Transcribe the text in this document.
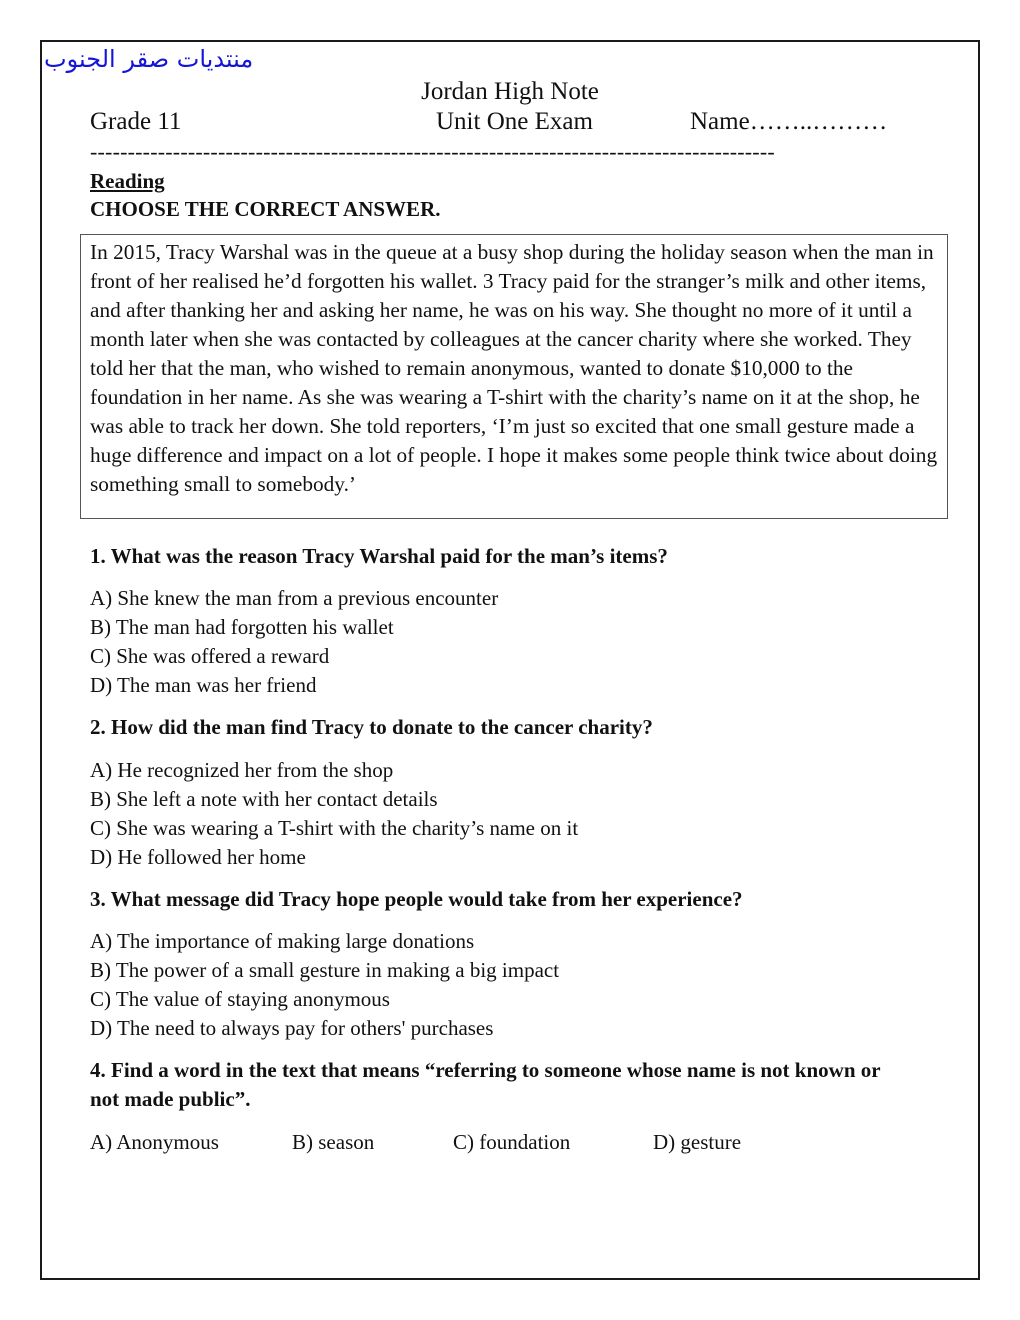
منتديات صقر الجنوب
Jordan High Note
Grade 11	Unit One Exam	Name……..………
-------------------------------------------------------------------------------------------
Reading
CHOOSE THE CORRECT ANSWER.

In 2015, Tracy Warshal was in the queue at a busy shop during the holiday season when the man in front of her realised he’d forgotten his wallet. 3 Tracy paid for the stranger’s milk and other items, and after thanking her and asking her name, he was on his way. She thought no more of it until a month later when she was contacted by colleagues at the cancer charity where she worked. They told her that the man, who wished to remain anonymous, wanted to donate $10,000 to the foundation in her name. As she was wearing a T-shirt with the charity’s name on it at the shop, he was able to track her down. She told reporters, ‘I’m just so excited that one small gesture made a huge difference and impact on a lot of people. I hope it makes some people think twice about doing something small to somebody.’

1. What was the reason Tracy Warshal paid for the man’s items?
A) She knew the man from a previous encounter
B) The man had forgotten his wallet
C) She was offered a reward
D) The man was her friend
2. How did the man find Tracy to donate to the cancer charity?
A) He recognized her from the shop
B) She left a note with her contact details
C) She was wearing a T-shirt with the charity’s name on it
D) He followed her home
3. What message did Tracy hope people would take from her experience?
A) The importance of making large donations
B) The power of a small gesture in making a big impact
C) The value of staying anonymous
D) The need to always pay for others' purchases
4. Find a word in the text that means “referring to someone whose name is not known or not made public”.
A) Anonymous	B) season	C) foundation	D) gesture
